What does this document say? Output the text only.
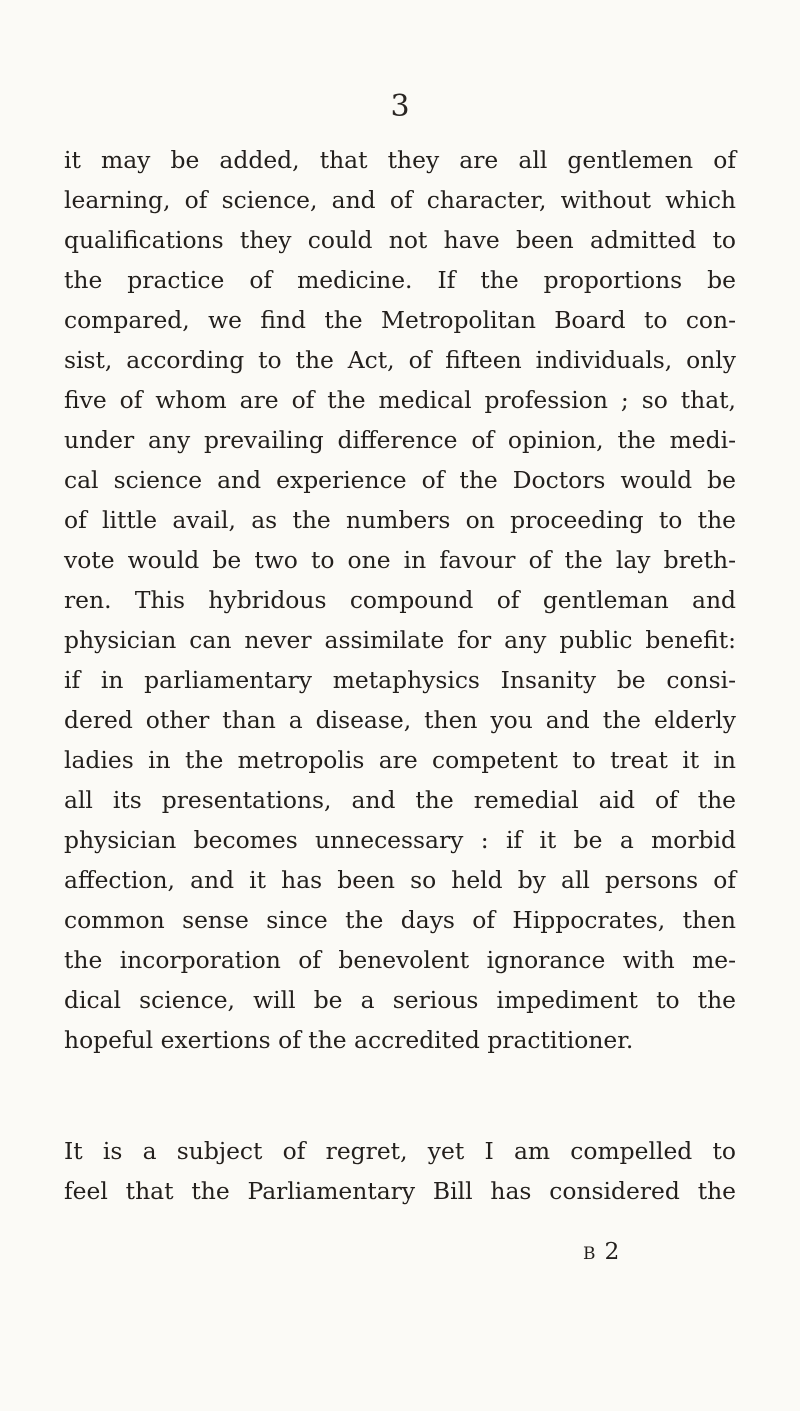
3
it may be added, that they are all gentlemen of
learning, of science, and of character, without which
qualifications they could not have been admitted to
the practice of medicine. If the proportions be
compared, we find the Metropolitan Board to con-
sist, according to the Act, of fifteen individuals, only
five of whom are of the medical profession ; so that,
under any prevailing difference of opinion, the medi-
cal science and experience of the Doctors would be
of little avail, as the numbers on proceeding to the
vote would be two to one in favour of the lay breth-
ren. This hybridous compound of gentleman and
physician can never assimilate for any public benefit:
if in parliamentary metaphysics Insanity be consi-
dered other than a disease, then you and the elderly
ladies in the metropolis are competent to treat it in
all its presentations, and the remedial aid of the
physician becomes unnecessary : if it be a morbid
affection, and it has been so held by all persons of
common sense since the days of Hippocrates, then
the incorporation of benevolent ignorance with me-
dical science, will be a serious impediment to the
hopeful exertions of the accredited practitioner.
It is a subject of regret, yet I am compelled to
feel that the Parliamentary Bill has considered the
B 2
